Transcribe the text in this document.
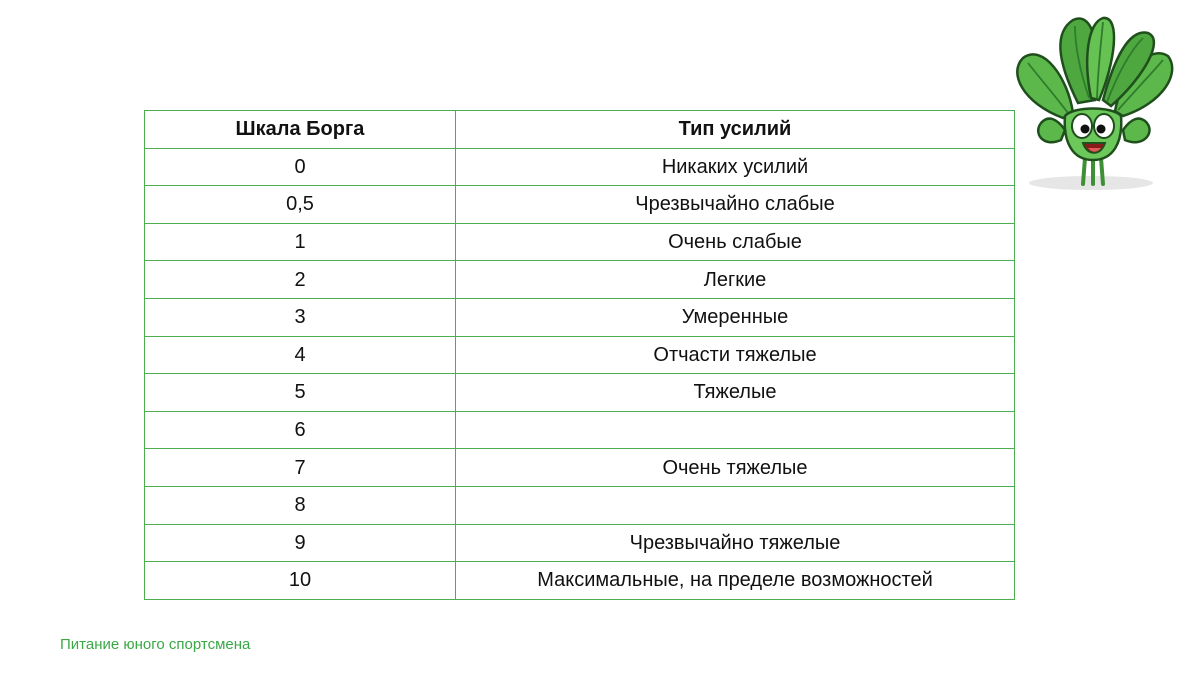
Шкала Борга	Тип усилий
0	Никаких усилий
0,5	Чрезвычайно слабые
1	Очень слабые
2	Легкие
3	Умеренные
4	Отчасти тяжелые
5	Тяжелые
6	
7	Очень тяжелые
8	
9	Чрезвычайно тяжелые
10	Максимальные, на пределе возможностей
Питание юного спортсмена
